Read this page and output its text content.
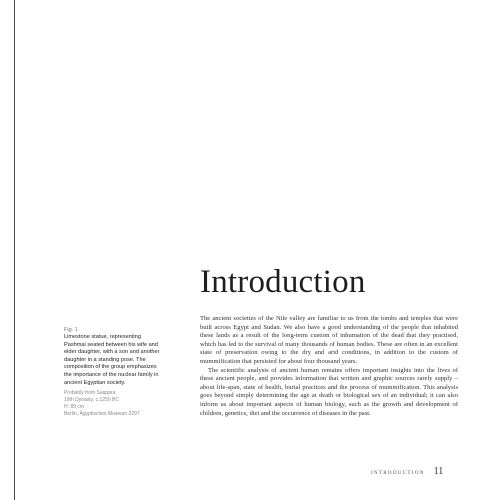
Introduction

The ancient societies of the Nile valley are familiar to us from the tombs and temples that were built across Egypt and Sudan. We also have a good understanding of the people that inhabited these lands as a result of the long-term custom of inhumation of the dead that they practised, which has led to the survival of many thousands of human bodies. These are often in an excellent state of preservation owing to the dry and arid conditions, in addition to the custom of mummification that persisted for about four thousand years.

The scientific analysis of ancient human remains offers important insights into the lives of these ancient people, and provides information that written and graphic sources rarely supply – about life-span, state of health, burial practices and the process of mummification. This analysis goes beyond simply determining the age at death or biological sex of an individual; it can also inform us about important aspects of human biology, such as the growth and development of children, genetics, diet and the occurrence of diseases in the past.

Fig. 1
Limestone statue, representing Pashmai seated between his wife and elder daughter, with a son and another daughter in a standing pose. The composition of the group emphasizes the importance of the nuclear family in ancient Egyptian society.
Probably from Saqqara
19th Dynasty, c.1250 BC
H. 89 cm
Berlin, Ägyptisches Museum 2297
INTRODUCTION 11
